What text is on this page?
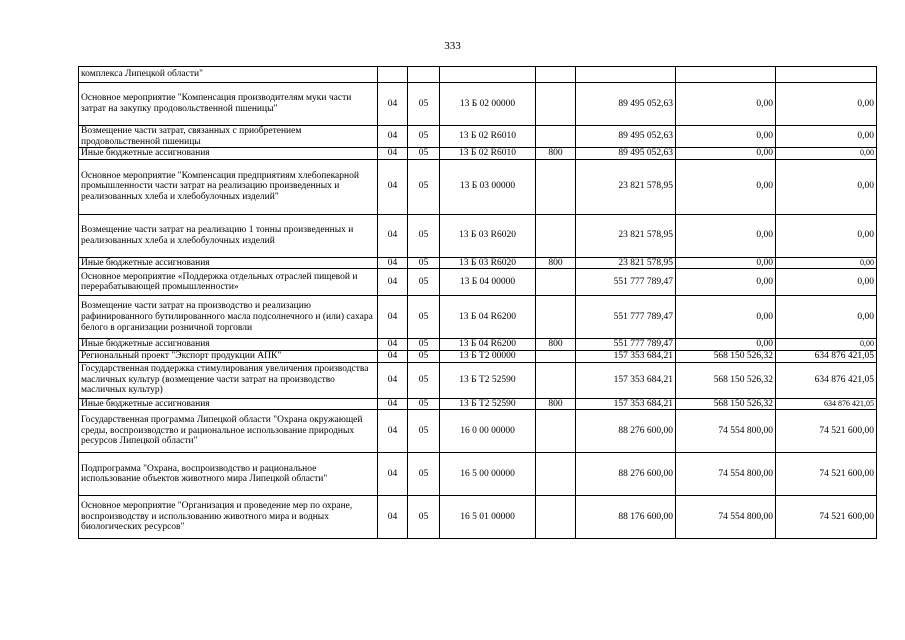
333
комплекса Липецкой области"							
Основное мероприятие "Компенсация производителям муки части затрат на закупку продовольственной пшеницы"	04	05	13 Б 02 00000		89 495 052,63	0,00	0,00
Возмещение части затрат, связанных с приобретением продовольственной пшеницы	04	05	13 Б 02 R6010		89 495 052,63	0,00	0,00
Иные бюджетные ассигнования	04	05	13 Б 02 R6010	800	89 495 052,63	0,00	0,00
Основное мероприятие "Компенсация предприятиям хлебопекарной промышленности части затрат на реализацию произведенных и реализованных хлеба и хлебобулочных изделий"	04	05	13 Б 03 00000		23 821 578,95	0,00	0,00
Возмещение части затрат на реализацию 1 тонны произведенных и реализованных хлеба и хлебобулочных изделий	04	05	13 Б 03 R6020		23 821 578,95	0,00	0,00
Иные бюджетные ассигнования	04	05	13 Б 03 R6020	800	23 821 578,95	0,00	0,00
Основное мероприятие «Поддержка отдельных отраслей пищевой и перерабатывающей промышленности»	04	05	13 Б 04 00000		551 777 789,47	0,00	0,00
Возмещение части затрат на производство и реализацию рафинированного бутилированного масла подсолнечного и (или) сахара белого в организации розничной торговли	04	05	13 Б 04 R6200		551 777 789,47	0,00	0,00
Иные бюджетные ассигнования	04	05	13 Б 04 R6200	800	551 777 789,47	0,00	0,00
Региональный проект "Экспорт продукции АПК"	04	05	13 Б Т2 00000		157 353 684,21	568 150 526,32	634 876 421,05
Государственная поддержка стимулирования увеличения производства масличных культур (возмещение части затрат на производство масличных культур)	04	05	13 Б Т2 52590		157 353 684,21	568 150 526,32	634 876 421,05
Иные бюджетные ассигнования	04	05	13 Б Т2 52590	800	157 353 684,21	568 150 526,32	634 876 421,05
Государственная программа Липецкой области "Охрана окружающей среды, воспроизводство и рациональное использование природных ресурсов Липецкой области"	04	05	16 0 00 00000		88 276 600,00	74 554 800,00	74 521 600,00
Подпрограмма "Охрана, воспроизводство и рациональное использование объектов животного мира Липецкой области"	04	05	16 5 00 00000		88 276 600,00	74 554 800,00	74 521 600,00
Основное мероприятие "Организация и проведение мер по охране, воспроизводству и использованию животного мира и водных биологических ресурсов"	04	05	16 5 01 00000		88 176 600,00	74 554 800,00	74 521 600,00
